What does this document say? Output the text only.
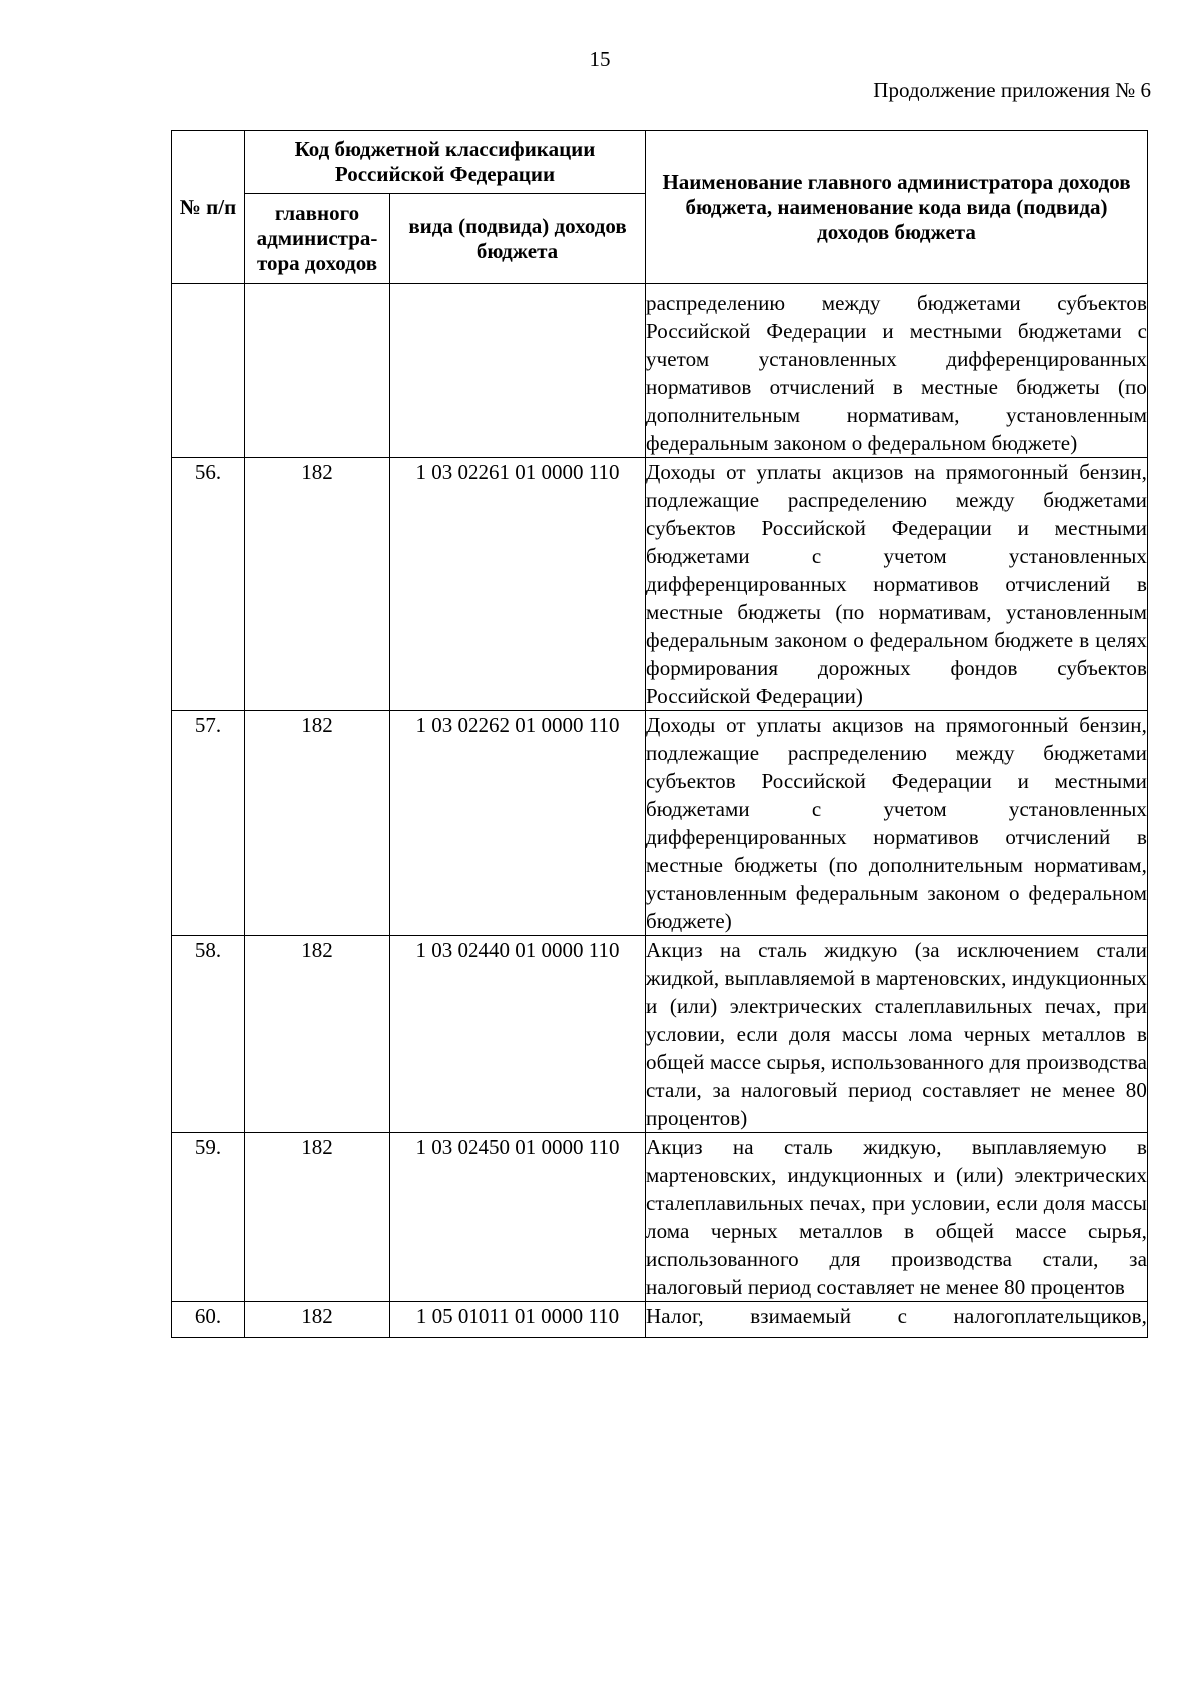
15
Продолжение приложения № 6
№ п/п	Код бюджетной классификации Российской Федерации		Наименование главного администратора доходов бюджета, наименование кода вида (подвида) доходов бюджета
	главного администра-тора доходов	вида (подвида) доходов бюджета	

			распределению между бюджетами субъектов Российской Федерации и местными бюджетами с учетом установленных дифференцированных нормативов отчислений в местные бюджеты (по дополнительным нормативам, установленным федеральным законом о федеральном бюджете)

56.	182	1 03 02261 01 0000 110	Доходы от уплаты акцизов на прямогонный бензин, подлежащие распределению между бюджетами субъектов Российской Федерации и местными бюджетами с учетом установленных дифференцированных нормативов отчислений в местные бюджеты (по нормативам, установленным федеральным законом о федеральном бюджете в целях формирования дорожных фондов субъектов Российской Федерации)

57.	182	1 03 02262 01 0000 110	Доходы от уплаты акцизов на прямогонный бензин, подлежащие распределению между бюджетами субъектов Российской Федерации и местными бюджетами с учетом установленных дифференцированных нормативов отчислений в местные бюджеты (по дополнительным нормативам, установленным федеральным законом о федеральном бюджете)

58.	182	1 03 02440 01 0000 110	Акциз на сталь жидкую (за исключением стали жидкой, выплавляемой в мартеновских, индукционных и (или) электрических сталеплавильных печах, при условии, если доля массы лома черных металлов в общей массе сырья, использованного для производства стали, за налоговый период составляет не менее 80 процентов)

59.	182	1 03 02450 01 0000 110	Акциз на сталь жидкую, выплавляемую в мартеновских, индукционных и (или) электрических сталеплавильных печах, при условии, если доля массы лома черных металлов в общей массе сырья, использованного для производства стали, за налоговый период составляет не менее 80 процентов

60.	182	1 05 01011 01 0000 110	Налог, взимаемый с налогоплательщиков,
